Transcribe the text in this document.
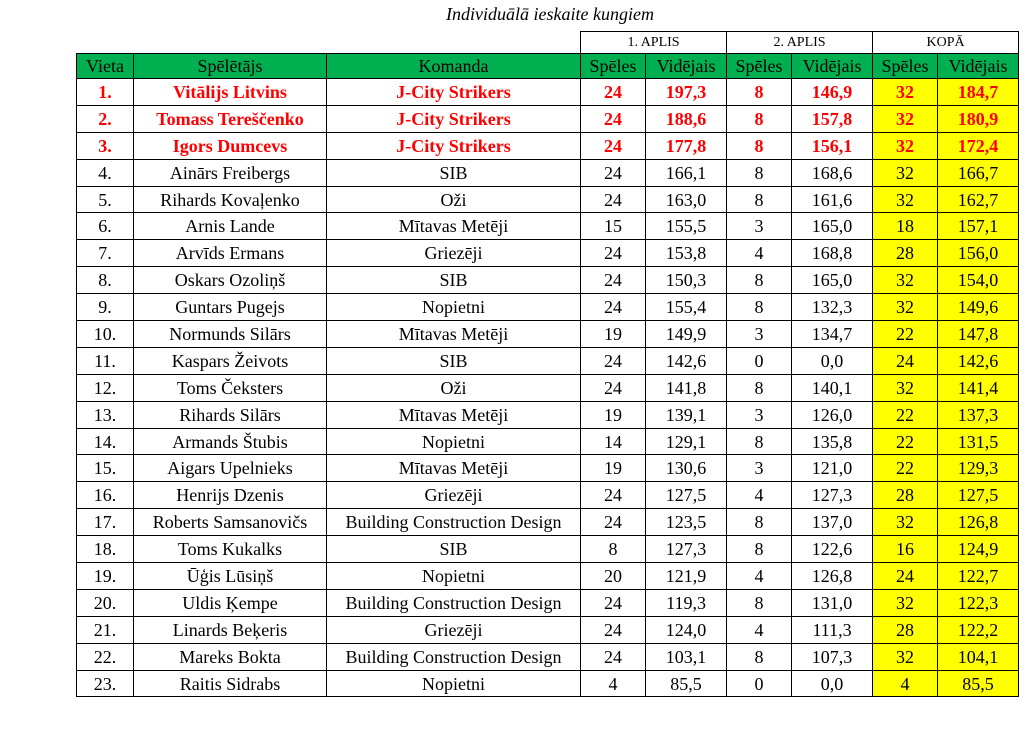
Individuālā ieskaite kungiem
			1. APLIS		2. APLIS		KOPĀ	
Vieta	Spēlētājs	Komanda	Spēles	Vidējais	Spēles	Vidējais	Spēles	Vidējais
1.	Vitālijs Litvins	J-City Strikers	24	197,3	8	146,9	32	184,7
2.	Tomass Tereščenko	J-City Strikers	24	188,6	8	157,8	32	180,9
3.	Igors Dumcevs	J-City Strikers	24	177,8	8	156,1	32	172,4
4.	Ainārs Freibergs	SIB	24	166,1	8	168,6	32	166,7
5.	Rihards Kovaļenko	Oži	24	163,0	8	161,6	32	162,7
6.	Arnis Lande	Mītavas Metēji	15	155,5	3	165,0	18	157,1
7.	Arvīds Ermans	Griezēji	24	153,8	4	168,8	28	156,0
8.	Oskars Ozoliņš	SIB	24	150,3	8	165,0	32	154,0
9.	Guntars Pugejs	Nopietni	24	155,4	8	132,3	32	149,6
10.	Normunds Silārs	Mītavas Metēji	19	149,9	3	134,7	22	147,8
11.	Kaspars Žeivots	SIB	24	142,6	0	0,0	24	142,6
12.	Toms Čeksters	Oži	24	141,8	8	140,1	32	141,4
13.	Rihards Silārs	Mītavas Metēji	19	139,1	3	126,0	22	137,3
14.	Armands Štubis	Nopietni	14	129,1	8	135,8	22	131,5
15.	Aigars Upelnieks	Mītavas Metēji	19	130,6	3	121,0	22	129,3
16.	Henrijs Dzenis	Griezēji	24	127,5	4	127,3	28	127,5
17.	Roberts Samsanovičs	Building Construction Design	24	123,5	8	137,0	32	126,8
18.	Toms Kukalks	SIB	8	127,3	8	122,6	16	124,9
19.	Ūģis Lūsiņš	Nopietni	20	121,9	4	126,8	24	122,7
20.	Uldis Ķempe	Building Construction Design	24	119,3	8	131,0	32	122,3
21.	Linards Beķeris	Griezēji	24	124,0	4	111,3	28	122,2
22.	Mareks Bokta	Building Construction Design	24	103,1	8	107,3	32	104,1
23.	Raitis Sidrabs	Nopietni	4	85,5	0	0,0	4	85,5
